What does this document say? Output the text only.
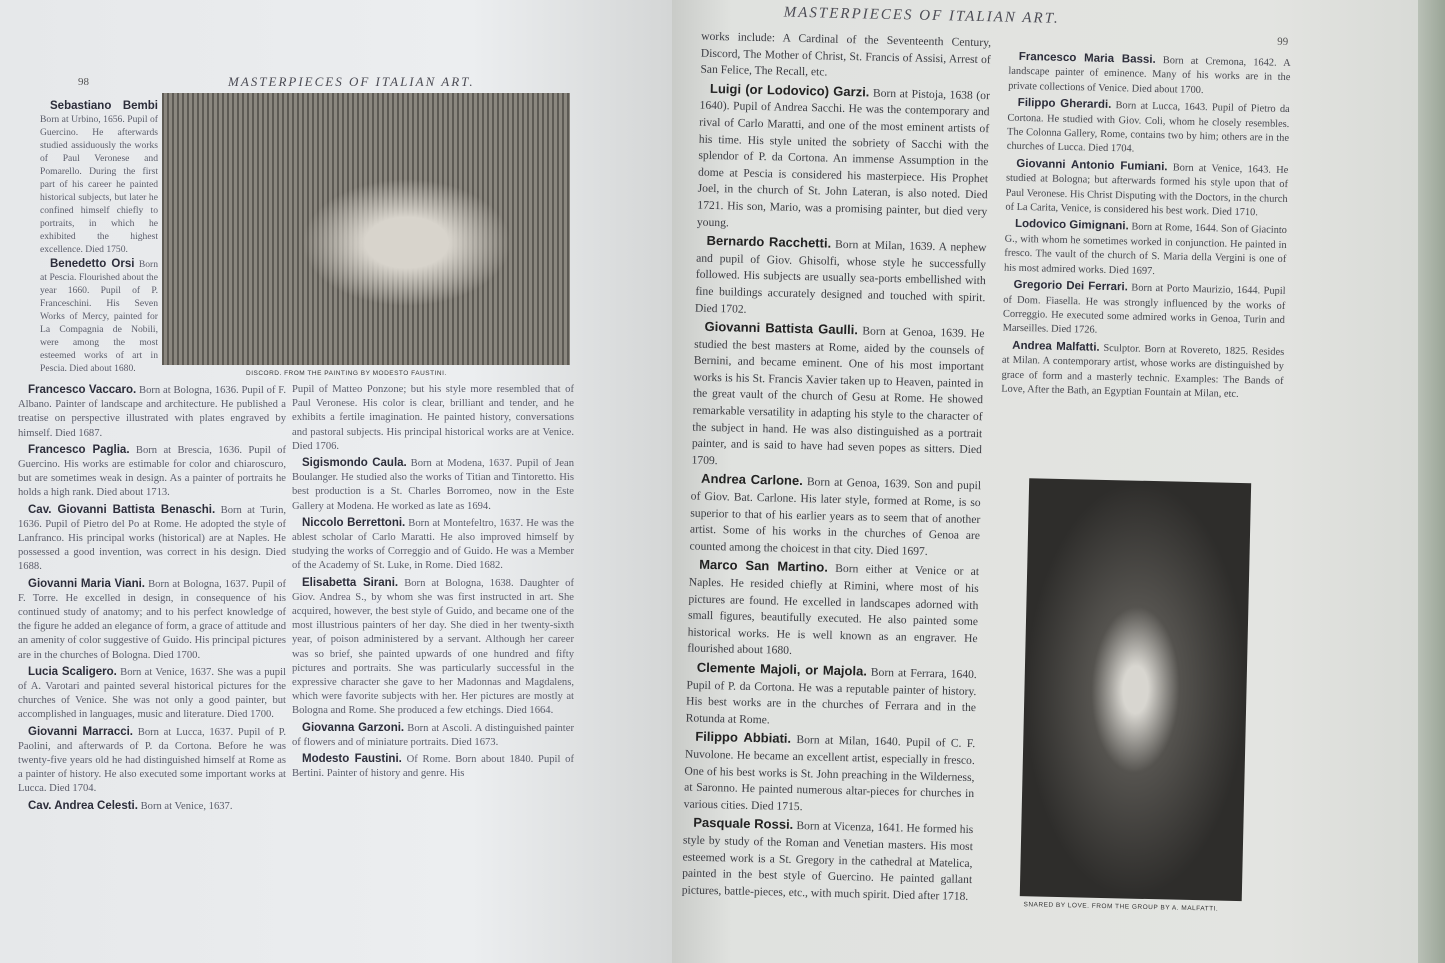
98	MASTERPIECES OF ITALIAN ART.

Sebastiano Bembi Born at Urbino, 1656. Pupil of Guercino. He afterwards studied assiduously the works of Paul Veronese and Pomarello. During the first part of his career he painted historical subjects, but later he confined himself chiefly to portraits, in which he exhibited the highest excellence. Died 1750.

Benedetto Orsi Born at Pescia. Flourished about the year 1660. Pupil of P. Franceschini. His Seven Works of Mercy, painted for La Compagnia de Nobili, were among the most esteemed works of art in Pescia. Died about 1680.	DISCORD. FROM THE PAINTING BY MODESTO FAUSTINI.

Francesco Vaccaro. Born at Bologna, 1636. Pupil of F. Albano. Painter of landscape and architecture. He published a treatise on perspective illustrated with plates engraved by himself. Died 1687.

Francesco Paglia. Born at Brescia, 1636. Pupil of Guercino. His works are estimable for color and chiaroscuro, but are sometimes weak in design. As a painter of portraits he holds a high rank. Died about 1713.

Cav. Giovanni Battista Benaschi. Born at Turin, 1636. Pupil of Pietro del Po at Rome. He adopted the style of Lanfranco. His principal works (historical) are at Naples. He possessed a good invention, was correct in his design. Died 1688.

Giovanni Maria Viani. Born at Bologna, 1637. Pupil of F. Torre. He excelled in design, in consequence of his continued study of anatomy; and to his perfect knowledge of the figure he added an elegance of form, a grace of attitude and an amenity of color suggestive of Guido. His principal pictures are in the churches of Bologna. Died 1700.

Lucia Scaligero. Born at Venice, 1637. She was a pupil of A. Varotari and painted several historical pictures for the churches of Venice. She was not only a good painter, but accomplished in languages, music and literature. Died 1700.

Giovanni Marracci. Born at Lucca, 1637. Pupil of P. Paolini, and afterwards of P. da Cortona. Before he was twenty-five years old he had distinguished himself at Rome as a painter of history. He also executed some important works at Lucca. Died 1704.

Cav. Andrea Celesti. Born at Venice, 1637.

Pupil of Matteo Ponzone; but his style more resembled that of Paul Veronese. His color is clear, brilliant and tender, and he exhibits a fertile imagination. He painted history, conversations and pastoral subjects. His principal historical works are at Venice. Died 1706.

Sigismondo Caula. Born at Modena, 1637. Pupil of Jean Boulanger. He studied also the works of Titian and Tintoretto. His best production is a St. Charles Borromeo, now in the Este Gallery at Modena. He worked as late as 1694.

Niccolo Berrettoni. Born at Montefeltro, 1637. He was the ablest scholar of Carlo Maratti. He also improved himself by studying the works of Correggio and of Guido. He was a Member of the Academy of St. Luke, in Rome. Died 1682.

Elisabetta Sirani. Born at Bologna, 1638. Daughter of Giov. Andrea S., by whom she was first instructed in art. She acquired, however, the best style of Guido, and became one of the most illustrious painters of her day. She died in her twenty-sixth year, of poison administered by a servant. Although her career was so brief, she painted upwards of one hundred and fifty pictures and portraits. She was particularly successful in the expressive character she gave to her Madonnas and Magdalens, which were favorite subjects with her. Her pictures are mostly at Bologna and Rome. She produced a few etchings. Died 1664.

Giovanna Garzoni. Born at Ascoli. A distinguished painter of flowers and of miniature portraits. Died 1673.

Modesto Faustini. Of Rome. Born about 1840. Pupil of Bertini. Painter of history and genre. His

MASTERPIECES OF ITALIAN ART.
99

works include: A Cardinal of the Seventeenth Century, Discord, The Mother of Christ, St. Francis of Assisi, Arrest of San Felice, The Recall, etc.

Luigi (or Lodovico) Garzi. Born at Pistoja, 1638 (or 1640). Pupil of Andrea Sacchi. He was the contemporary and rival of Carlo Maratti, and one of the most eminent artists of his time. His style united the sobriety of Sacchi with the splendor of P. da Cortona. An immense Assumption in the dome at Pescia is considered his masterpiece. His Prophet Joel, in the church of St. John Lateran, is also noted. Died 1721. His son, Mario, was a promising painter, but died very young.

Bernardo Racchetti. Born at Milan, 1639. A nephew and pupil of Giov. Ghisolfi, whose style he successfully followed. His subjects are usually sea-ports embellished with fine buildings accurately designed and touched with spirit. Died 1702.

Giovanni Battista Gaulli. Born at Genoa, 1639. He studied the best masters at Rome, aided by the counsels of Bernini, and became eminent. One of his most important works is his St. Francis Xavier taken up to Heaven, painted in the great vault of the church of Gesu at Rome. He showed remarkable versatility in adapting his style to the character of the subject in hand. He was also distinguished as a portrait painter, and is said to have had seven popes as sitters. Died 1709.

Andrea Carlone. Born at Genoa, 1639. Son and pupil of Giov. Bat. Carlone. His later style, formed at Rome, is so superior to that of his earlier years as to seem that of another artist. Some of his works in the churches of Genoa are counted among the choicest in that city. Died 1697.

Marco San Martino. Born either at Venice or at Naples. He resided chiefly at Rimini, where most of his pictures are found. He excelled in landscapes adorned with small figures, beautifully executed. He also painted some historical works. He is well known as an engraver. He flourished about 1680.

Clemente Majoli, or Majola. Born at Ferrara, 1640. Pupil of P. da Cortona. He was a reputable painter of history. His best works are in the churches of Ferrara and in the Rotunda at Rome.

Filippo Abbiati. Born at Milan, 1640. Pupil of C. F. Nuvolone. He became an excellent artist, especially in fresco. One of his best works is St. John preaching in the Wilderness, at Saronno. He painted numerous altar-pieces for churches in various cities. Died 1715.

Pasquale Rossi. Born at Vicenza, 1641. He formed his style by study of the Roman and Venetian masters. His most esteemed work is a St. Gregory in the cathedral at Matelica, painted in the best style of Guercino. He painted gallant pictures, battle-pieces, etc., with much spirit. Died after 1718.

Francesco Maria Bassi. Born at Cremona, 1642. A landscape painter of eminence. Many of his works are in the private collections of Venice. Died about 1700.

Filippo Gherardi. Born at Lucca, 1643. Pupil of Pietro da Cortona. He studied with Giov. Coli, whom he closely resembles. The Colonna Gallery, Rome, contains two by him; others are in the churches of Lucca. Died 1704.

Giovanni Antonio Fumiani. Born at Venice, 1643. He studied at Bologna; but afterwards formed his style upon that of Paul Veronese. His Christ Disputing with the Doctors, in the church of La Carita, Venice, is considered his best work. Died 1710.

Lodovico Gimignani. Born at Rome, 1644. Son of Giacinto G., with whom he sometimes worked in conjunction. He painted in fresco. The vault of the church of S. Maria della Vergini is one of his most admired works. Died 1697.

Gregorio Dei Ferrari. Born at Porto Maurizio, 1644. Pupil of Dom. Fiasella. He was strongly influenced by the works of Correggio. He executed some admired works in Genoa, Turin and Marseilles. Died 1726.

Andrea Malfatti. Sculptor. Born at Rovereto, 1825. Resides at Milan. A contemporary artist, whose works are distinguished by grace of form and a masterly technic. Examples: The Bands of Love, After the Bath, an Egyptian Fountain at Milan, etc.

SNARED BY LOVE. FROM THE GROUP BY A. MALFATTI.
